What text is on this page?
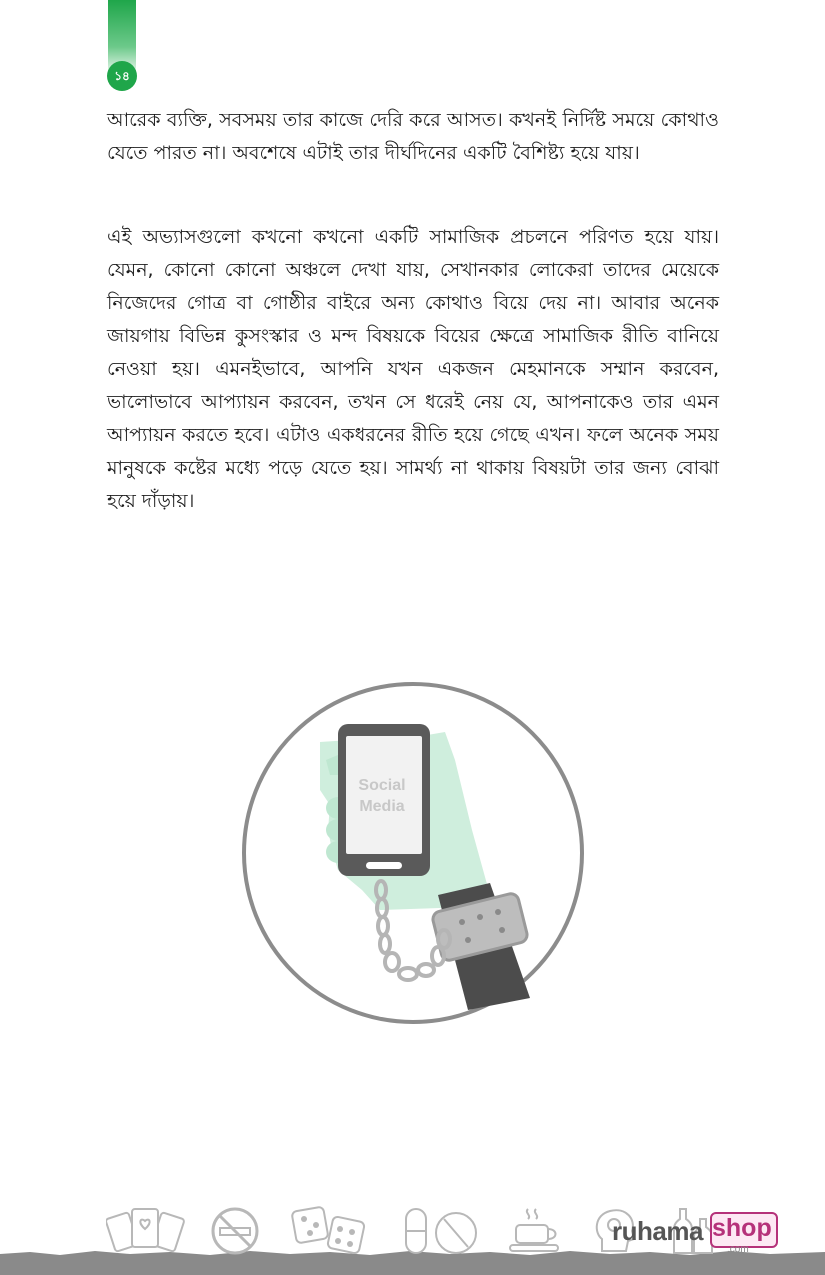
১৪

আরেক ব্যক্তি, সবসময় তার কাজে দেরি করে আসত। কখনই নির্দিষ্ট সময়ে কোথাও যেতে পারত না। অবশেষে এটাই তার দীর্ঘদিনের একটি বৈশিষ্ট্য হয়ে যায়।

এই অভ্যাসগুলো কখনো কখনো একটি সামাজিক প্রচলনে পরিণত হয়ে যায়। যেমন, কোনো কোনো অঞ্চলে দেখা যায়, সেখানকার লোকেরা তাদের মেয়েকে নিজেদের গোত্র বা গোষ্ঠীর বাইরে অন্য কোথাও বিয়ে দেয় না। আবার অনেক জায়গায় বিভিন্ন কুসংস্কার ও মন্দ বিষয়কে বিয়ের ক্ষেত্রে সামাজিক রীতি বানিয়ে নেওয়া হয়। এমনইভাবে, আপনি যখন একজন মেহমানকে সম্মান করবেন, ভালোভাবে আপ্যায়ন করবেন, তখন সে ধরেই নেয় যে, আপনাকেও তার এমন আপ্যায়ন করতে হবে। এটাও একধরনের রীতি হয়ে গেছে এখন। ফলে অনেক সময় মানুষকে কষ্টের মধ্যে পড়ে যেতে হয়। সামর্থ্য না থাকায় বিষয়টা তার জন্য বোঝা হয়ে দাঁড়ায়।

Social
Media
ruhama shop
.com
